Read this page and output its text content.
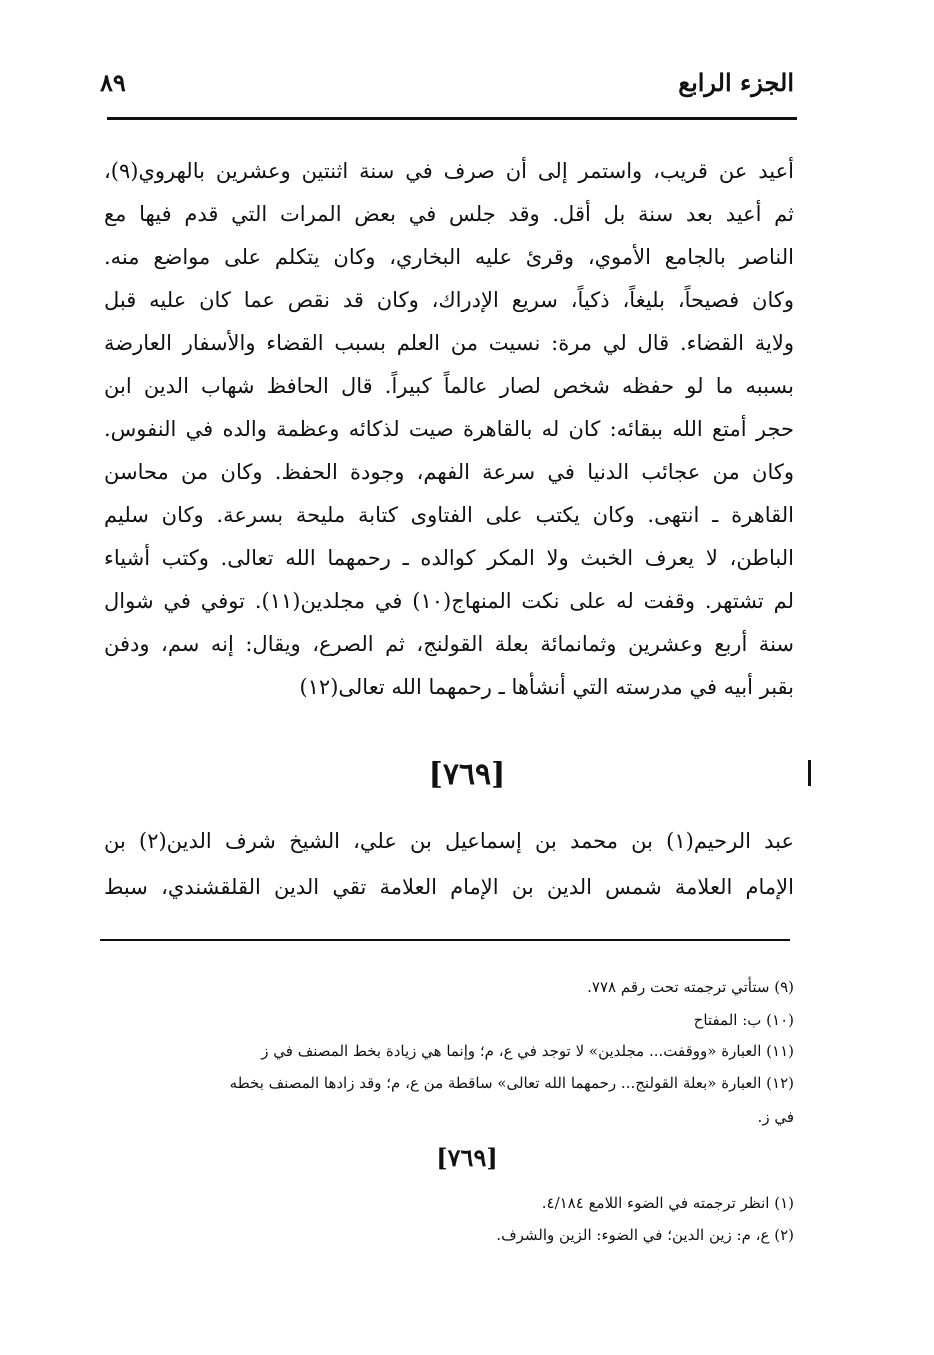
الجزء الرابع
٨٩
أعيد عن قريب، واستمر إلى أن صرف في سنة اثنتين وعشرين بالهروي(٩)،
ثم أعيد بعد سنة بل أقل. وقد جلس في بعض المرات التي قدم فيها مع
الناصر بالجامع الأموي، وقرئ عليه البخاري، وكان يتكلم على مواضع منه.
وكان فصيحاً، بليغاً، ذكياً، سريع الإدراك، وكان قد نقص عما كان عليه قبل
ولاية القضاء. قال لي مرة: نسيت من العلم بسبب القضاء والأسفار العارضة
بسببه ما لو حفظه شخص لصار عالماً كبيراً. قال الحافظ شهاب الدين ابن
حجر أمتع الله ببقائه: كان له بالقاهرة صيت لذكائه وعظمة والده في النفوس.
وكان من عجائب الدنيا في سرعة الفهم، وجودة الحفظ. وكان من محاسن
القاهرة ـ انتهى. وكان يكتب على الفتاوى كتابة مليحة بسرعة. وكان سليم
الباطن، لا يعرف الخبث ولا المكر كوالده ـ رحمهما الله تعالى. وكتب أشياء
لم تشتهر. وقفت له على نكت المنهاج(١٠) في مجلدين(١١). توفي في شوال
سنة أربع وعشرين وثمانمائة بعلة القولنج، ثم الصرع، ويقال: إنه سم، ودفن
بقبر أبيه في مدرسته التي أنشأها ـ رحمهما الله تعالى(١٢)
[٧٦٩]
عبد الرحيم(١) بن محمد بن إسماعيل بن علي، الشيخ شرف الدين(٢) بن
الإمام العلامة شمس الدين بن الإمام العلامة تقي الدين القلقشندي، سبط
(٩) ستأتي ترجمته تحت رقم ٧٧٨.
(١٠) ب: المفتاح
(١١) العبارة «ووقفت... مجلدين» لا توجد في ع، م؛ وإنما هي زيادة بخط المصنف في ز
(١٢) العبارة «بعلة القولنج... رحمهما الله تعالى» ساقطة من ع، م؛ وقد زادها المصنف بخطه
في ز.
[٧٦٩]
(١) انظر ترجمته في الضوء اللامع ٤/١٨٤.
(٢) ع، م: زين الدين؛ في الضوء: الزين والشرف.
